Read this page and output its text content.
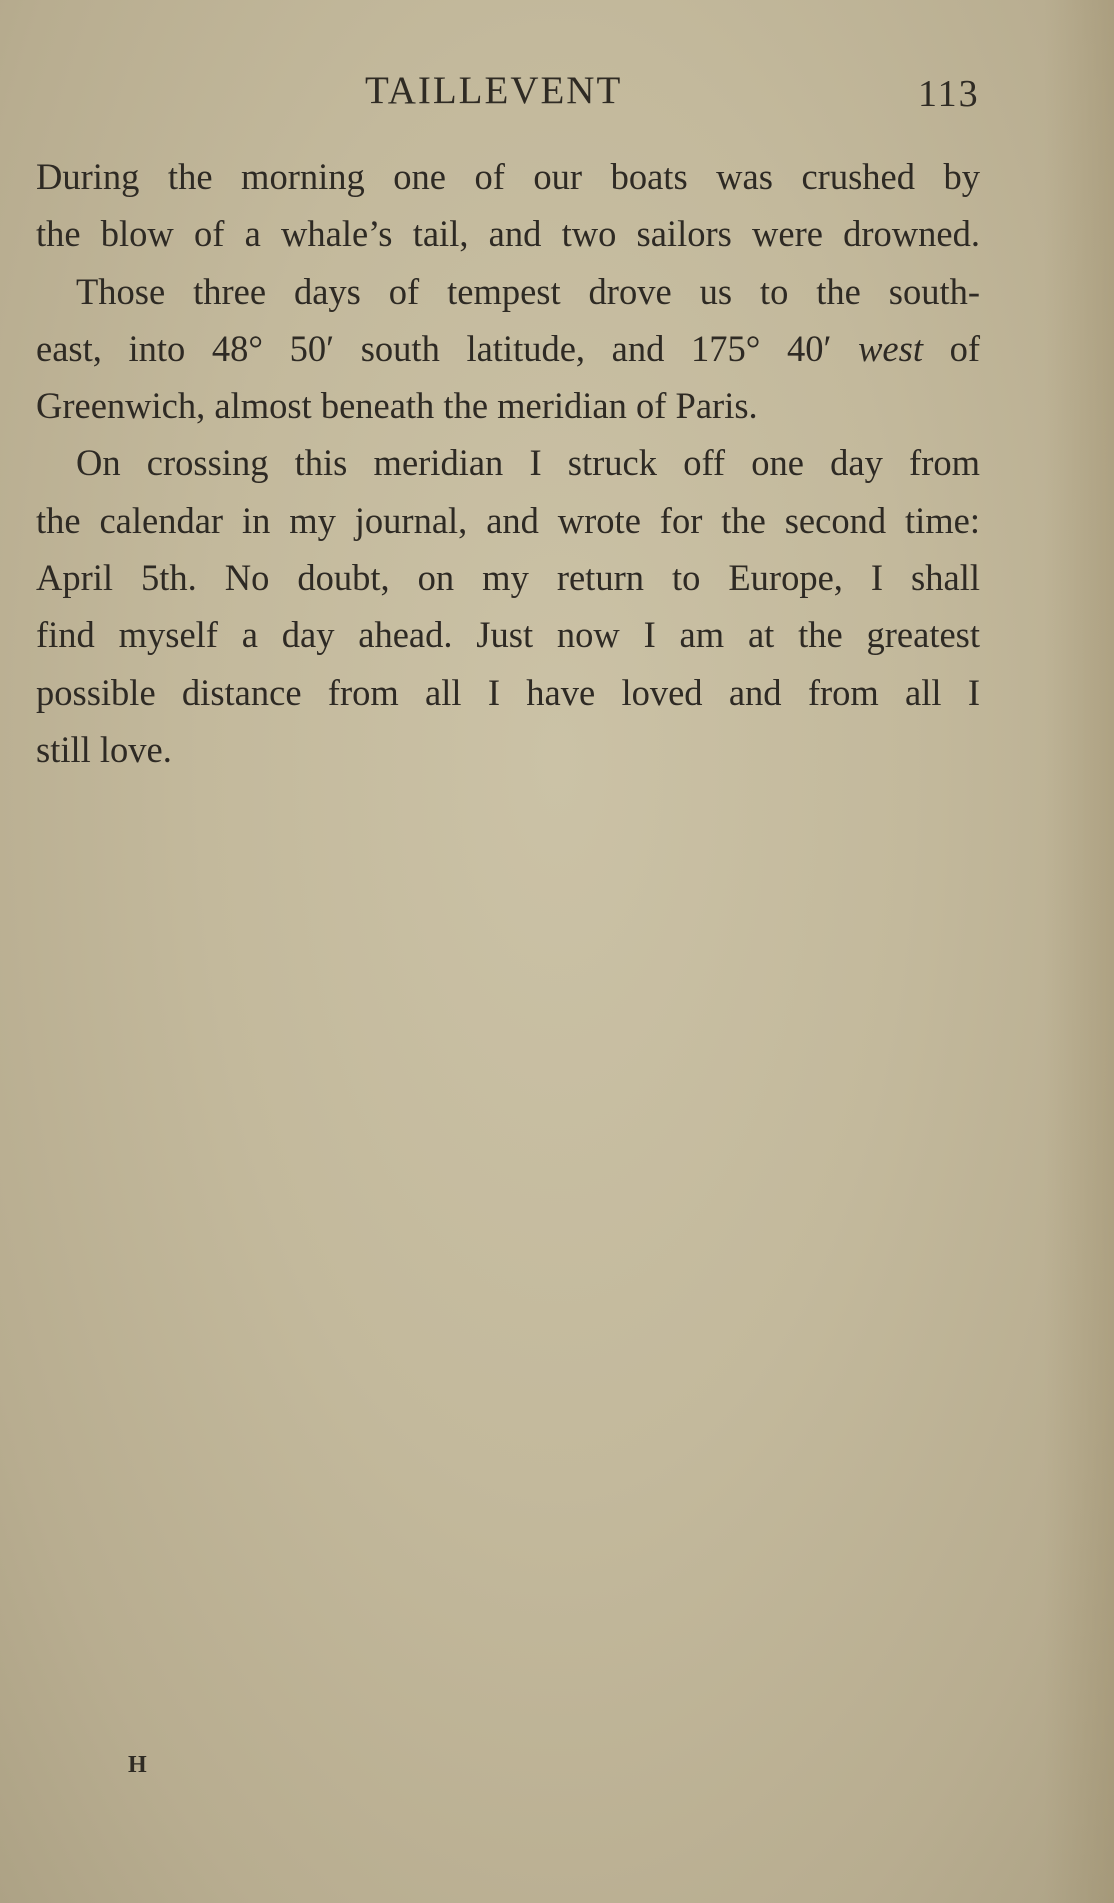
TAILLEVENT	113
During the morning one of our boats was crushed by
the blow of a whale’s tail, and two sailors were drowned.
Those three days of tempest drove us to the south-
east, into 48° 50′ south latitude, and 175° 40′ west of
Greenwich, almost beneath the meridian of Paris.
On crossing this meridian I struck off one day from
the calendar in my journal, and wrote for the second time:
April 5th. No doubt, on my return to Europe, I shall
find myself a day ahead. Just now I am at the greatest
possible distance from all I have loved and from all I
still love.
H
